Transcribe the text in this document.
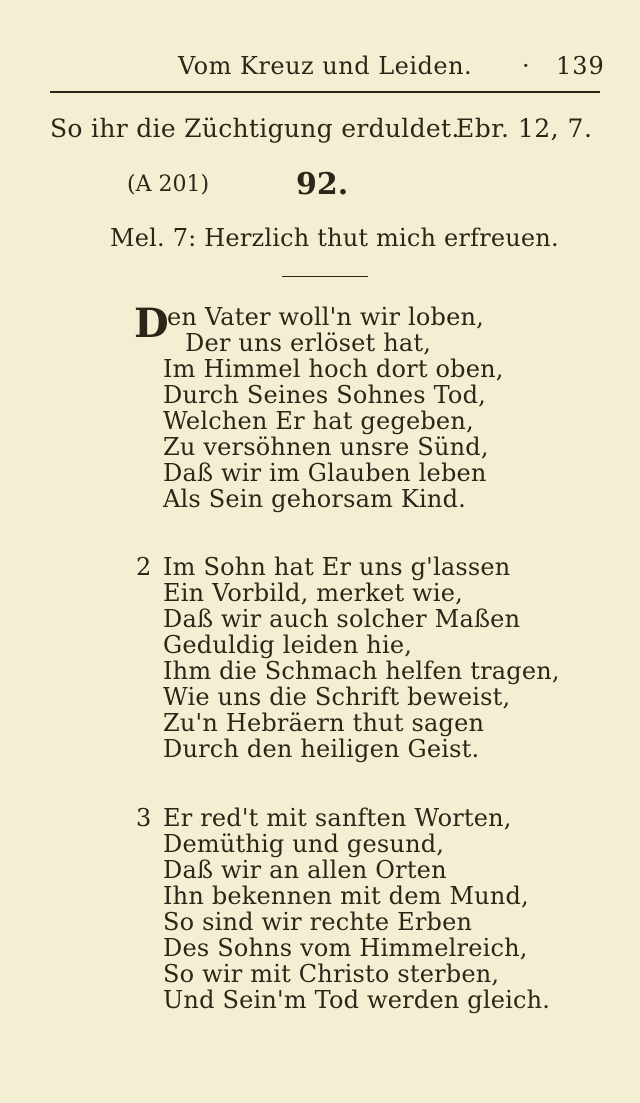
Vom Kreuz und Leiden. · 139
So ihr die Züchtigung erduldet.
Ebr. 12, 7.
(A 201)	92.
Mel. 7: Herzlich thut mich erfreuen.
D
en Vater woll'n wir loben,
Der uns erlöset hat,
Im Himmel hoch dort oben,
Durch Seines Sohnes Tod,
Welchen Er hat gegeben,
Zu versöhnen unsre Sünd,
Daß wir im Glauben leben
Als Sein gehorsam Kind.
2 Im Sohn hat Er uns g'lassen
Ein Vorbild, merket wie,
Daß wir auch solcher Maßen
Geduldig leiden hie,
Ihm die Schmach helfen tragen,
Wie uns die Schrift beweist,
Zu'n Hebräern thut sagen
Durch den heiligen Geist.
3 Er red't mit sanften Worten,
Demüthig und gesund,
Daß wir an allen Orten
Ihn bekennen mit dem Mund,
So sind wir rechte Erben
Des Sohns vom Himmelreich,
So wir mit Christo sterben,
Und Sein'm Tod werden gleich.
